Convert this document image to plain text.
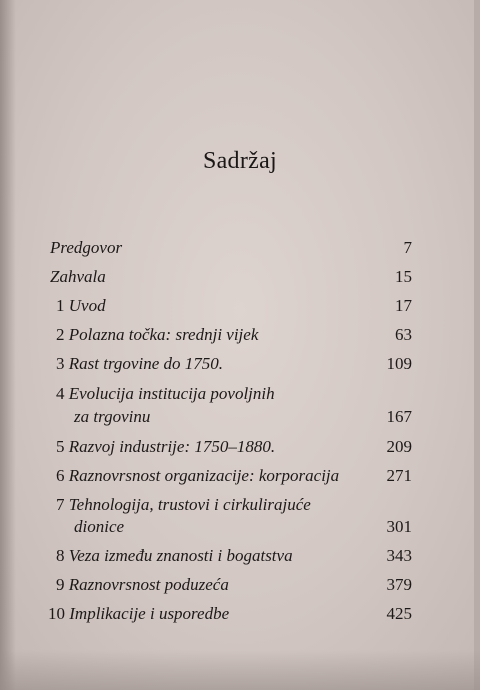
Sadržaj
Predgovor	7
Zahvala	15
1 Uvod	17
2 Polazna točka: srednji vijek	63
3 Rast trgovine do 1750.	109
4 Evolucija institucija povoljnih
za trgovinu	167
5 Razvoj industrije: 1750–1880.	209
6 Raznovrsnost organizacije: korporacija	271
7 Tehnologija, trustovi i cirkulirajuće
dionice	301
8 Veza između znanosti i bogatstva	343
9 Raznovrsnost poduzeća	379
10 Implikacije i usporedbe	425
